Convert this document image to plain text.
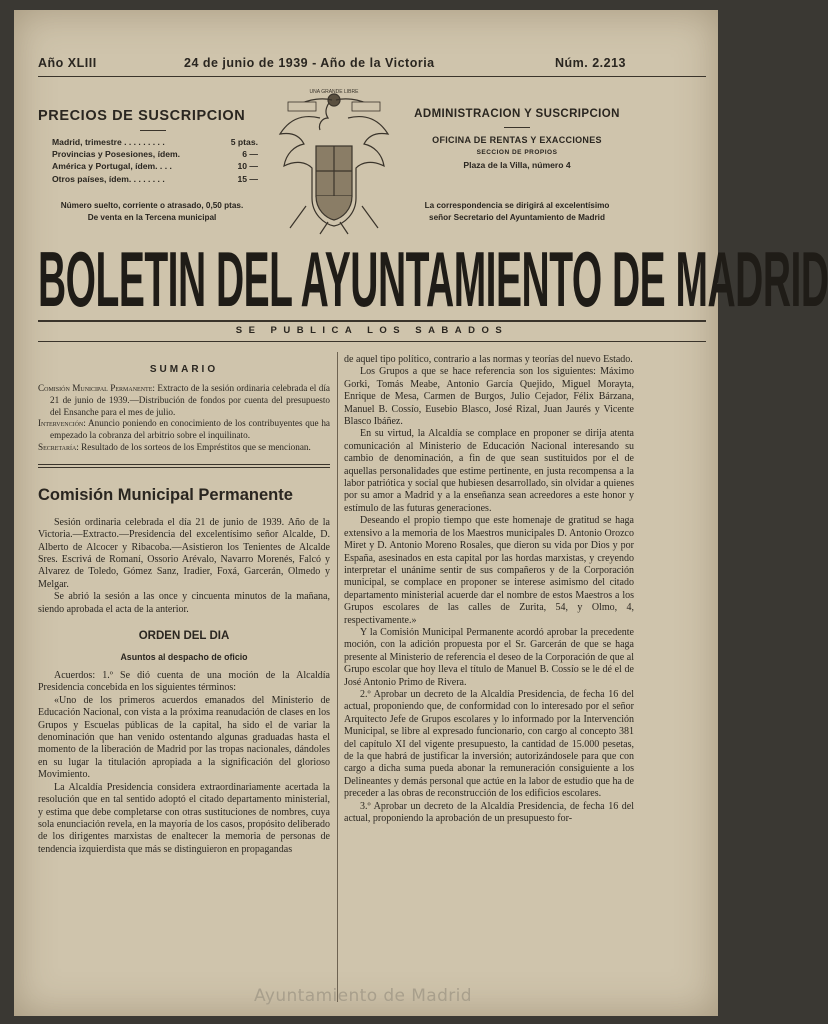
Año XLIII	24 de junio de 1939 - Año de la Victoria	Núm. 2.213
PRECIOS DE SUSCRIPCION
Madrid, trimestre . . . . . . . . .	5 ptas.
Provincias y Posesiones, ídem.	6 —
América y Portugal, ídem. . . .	10 —
Otros países, ídem. . . . . . . .	15 —
Número suelto, corriente o atrasado, 0,50 ptas.
De venta en la Tercena municipal
UNA GRANDE LIBRE
ADMINISTRACION Y SUSCRIPCION
OFICINA DE RENTAS Y EXACCIONES
SECCION DE PROPIOS
Plaza de la Villa, número 4
La correspondencia se dirigirá al excelentísimo
señor Secretario del Ayuntamiento de Madrid
BOLETIN DEL AYUNTAMIENTO DE MADRID
SE PUBLICA LOS SABADOS
SUMARIO
Comisión Municipal Permanente: Extracto de la sesión ordinaria celebrada el día 21 de junio de 1939.—Distribución de fondos por cuenta del presupuesto del Ensanche para el mes de julio.
Intervención: Anuncio poniendo en conocimiento de los contribuyentes que ha empezado la cobranza del arbitrio sobre el inquilinato.
Secretaría: Resultado de los sorteos de los Empréstitos que se mencionan.
Comisión Municipal Permanente

Sesión ordinaria celebrada el día 21 de junio de 1939. Año de la Victoria.—Extracto.—Presidencia del excelentísimo señor Alcalde, D. Alberto de Alcocer y Ribacoba.—Asistieron los Tenientes de Alcalde Sres. Escrivá de Romaní, Ossorio Arévalo, Navarro Morenés, Falcó y Alvarez de Toledo, Gómez Sanz, Iradier, Foxá, Garcerán, Olmedo y Melgar.

Se abrió la sesión a las once y cincuenta minutos de la mañana, siendo aprobada el acta de la anterior.

ORDEN DEL DIA
Asuntos al despacho de oficio

Acuerdos: 1.º Se dió cuenta de una moción de la Alcaldía Presidencia concebida en los siguientes términos:

«Uno de los primeros acuerdos emanados del Ministerio de Educación Nacional, con vista a la próxima reanudación de clases en los Grupos y Escuelas públicas de la capital, ha sido el de variar la denominación que han venido ostentando algunas graduadas hasta el momento de la liberación de Madrid por las tropas nacionales, dándoles en su lugar la titulación apropiada a la significación del glorioso Movimiento.

La Alcaldía Presidencia considera extraordinariamente acertada la resolución que en tal sentido adoptó el citado departamento ministerial, y estima que debe completarse con otras sustituciones de nombres, cuya sola enunciación revela, en la mayoría de los casos, propósito deliberado de los dirigentes marxistas de enaltecer la memoria de personas de tendencia izquierdista que más se distinguieron en propagandas

de aquel tipo político, contrario a las normas y teorías del nuevo Estado.

Los Grupos a que se hace referencia son los siguientes: Máximo Gorki, Tomás Meabe, Antonio García Quejido, Miguel Morayta, Enrique de Mesa, Carmen de Burgos, Julio Cejador, Félix Bárzana, Manuel B. Cossío, Eusebio Blasco, José Rizal, Juan Jaurés y Vicente Blasco Ibáñez.

En su virtud, la Alcaldía se complace en proponer se dirija atenta comunicación al Ministerio de Educación Nacional interesando su cambio de denominación, a fin de que sean sustituidos por el de aquellas personalidades que estime pertinente, en justa recompensa a la labor patriótica y social que hubiesen desarrollado, sin olvidar a quienes por su amor a Madrid y a la enseñanza sean acreedores a este honor y estímulo de las futuras generaciones.

Deseando el propio tiempo que este homenaje de gratitud se haga extensivo a la memoria de los Maestros municipales D. Antonio Orozco Miret y D. Antonio Moreno Rosales, que dieron su vida por Dios y por España, asesinados en esta capital por las hordas marxistas, y creyendo interpretar el unánime sentir de sus compañeros y de la Corporación municipal, se complace en proponer se interese asimismo del citado departamento ministerial acuerde dar el nombre de estos Maestros a los Grupos escolares de las calles de Zurita, 54, y Olmo, 4, respectivamente.»

Y la Comisión Municipal Permanente acordó aprobar la precedente moción, con la adición propuesta por el Sr. Garcerán de que se haga presente al Ministerio de referencia el deseo de la Corporación de que al Grupo escolar que hoy lleva el título de Manuel B. Cossío se le dé el de José Antonio Primo de Rivera.

2.º Aprobar un decreto de la Alcaldía Presidencia, de fecha 16 del actual, proponiendo que, de conformidad con lo interesado por el señor Arquitecto Jefe de Grupos escolares y lo informado por la Intervención Municipal, se libre al expresado funcionario, con cargo al concepto 381 del capítulo XI del vigente presupuesto, la cantidad de 15.000 pesetas, de la que habrá de justificar la inversión; autorizándosele para que con cargo a dicha suma pueda abonar la remuneración consiguiente a los Delineantes y demás personal que actúe en la labor de estudio que ha de preceder a las obras de reconstrucción de los edificios escolares.

3.º Aprobar un decreto de la Alcaldía Presidencia, de fecha 16 del actual, proponiendo la aprobación de un presupuesto for-

Ayuntamiento de Madrid
